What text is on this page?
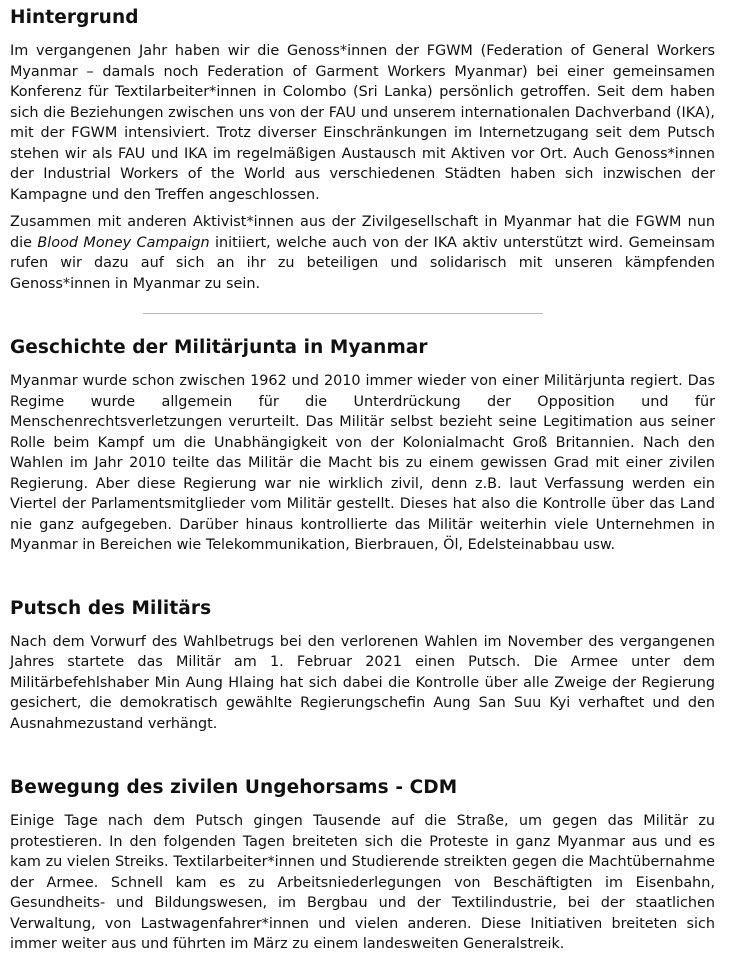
Hintergrund

Im vergangenen Jahr haben wir die Genoss*innen der FGWM (Federation of General Workers Myanmar – damals noch Federation of Garment Workers Myanmar) bei einer gemeinsamen Konferenz für Textilarbeiter*innen in Colombo (Sri Lanka) persönlich getroffen. Seit dem haben sich die Beziehungen zwischen uns von der FAU und unserem internationalen Dachverband (IKA), mit der FGWM intensiviert. Trotz diverser Einschränkungen im Internetzugang seit dem Putsch stehen wir als FAU und IKA im regelmäßigen Austausch mit Aktiven vor Ort. Auch Genoss*innen der Industrial Workers of the World aus verschiedenen Städten haben sich inzwischen der Kampagne und den Treffen angeschlossen.

Zusammen mit anderen Aktivist*innen aus der Zivilgesellschaft in Myanmar hat die FGWM nun die Blood Money Campaign initiiert, welche auch von der IKA aktiv unterstützt wird. Gemeinsam rufen wir dazu auf sich an ihr zu beteiligen und solidarisch mit unseren kämpfenden Genoss*innen in Myanmar zu sein.

Geschichte der Militärjunta in Myanmar

Myanmar wurde schon zwischen 1962 und 2010 immer wieder von einer Militärjunta regiert. Das Regime wurde allgemein für die Unterdrückung der Opposition und für Menschenrechtsverletzungen verurteilt. Das Militär selbst bezieht seine Legitimation aus seiner Rolle beim Kampf um die Unabhängigkeit von der Kolonialmacht Groß Britannien. Nach den Wahlen im Jahr 2010 teilte das Militär die Macht bis zu einem gewissen Grad mit einer zivilen Regierung. Aber diese Regierung war nie wirklich zivil, denn z.B. laut Verfassung werden ein Viertel der Parlamentsmitglieder vom Militär gestellt. Dieses hat also die Kontrolle über das Land nie ganz aufgegeben. Darüber hinaus kontrollierte das Militär weiterhin viele Unternehmen in Myanmar in Bereichen wie Telekommunikation, Bierbrauen, Öl, Edelsteinabbau usw.

Putsch des Militärs

Nach dem Vorwurf des Wahlbetrugs bei den verlorenen Wahlen im November des vergangenen Jahres startete das Militär am 1. Februar 2021 einen Putsch. Die Armee unter dem Militärbefehlshaber Min Aung Hlaing hat sich dabei die Kontrolle über alle Zweige der Regierung gesichert, die demokratisch gewählte Regierungschefin Aung San Suu Kyi verhaftet und den Ausnahmezustand verhängt.

Bewegung des zivilen Ungehorsams - CDM

Einige Tage nach dem Putsch gingen Tausende auf die Straße, um gegen das Militär zu protestieren. In den folgenden Tagen breiteten sich die Proteste in ganz Myanmar aus und es kam zu vielen Streiks. Textilarbeiter*innen und Studierende streikten gegen die Machtübernahme der Armee. Schnell kam es zu Arbeitsniederlegungen von Beschäftigten im Eisenbahn, Gesundheits- und Bildungswesen, im Bergbau und der Textilindustrie, bei der staatlichen Verwaltung, von Lastwagenfahrer*innen und vielen anderen. Diese Initiativen breiteten sich immer weiter aus und führten im März zu einem landesweiten Generalstreik.
